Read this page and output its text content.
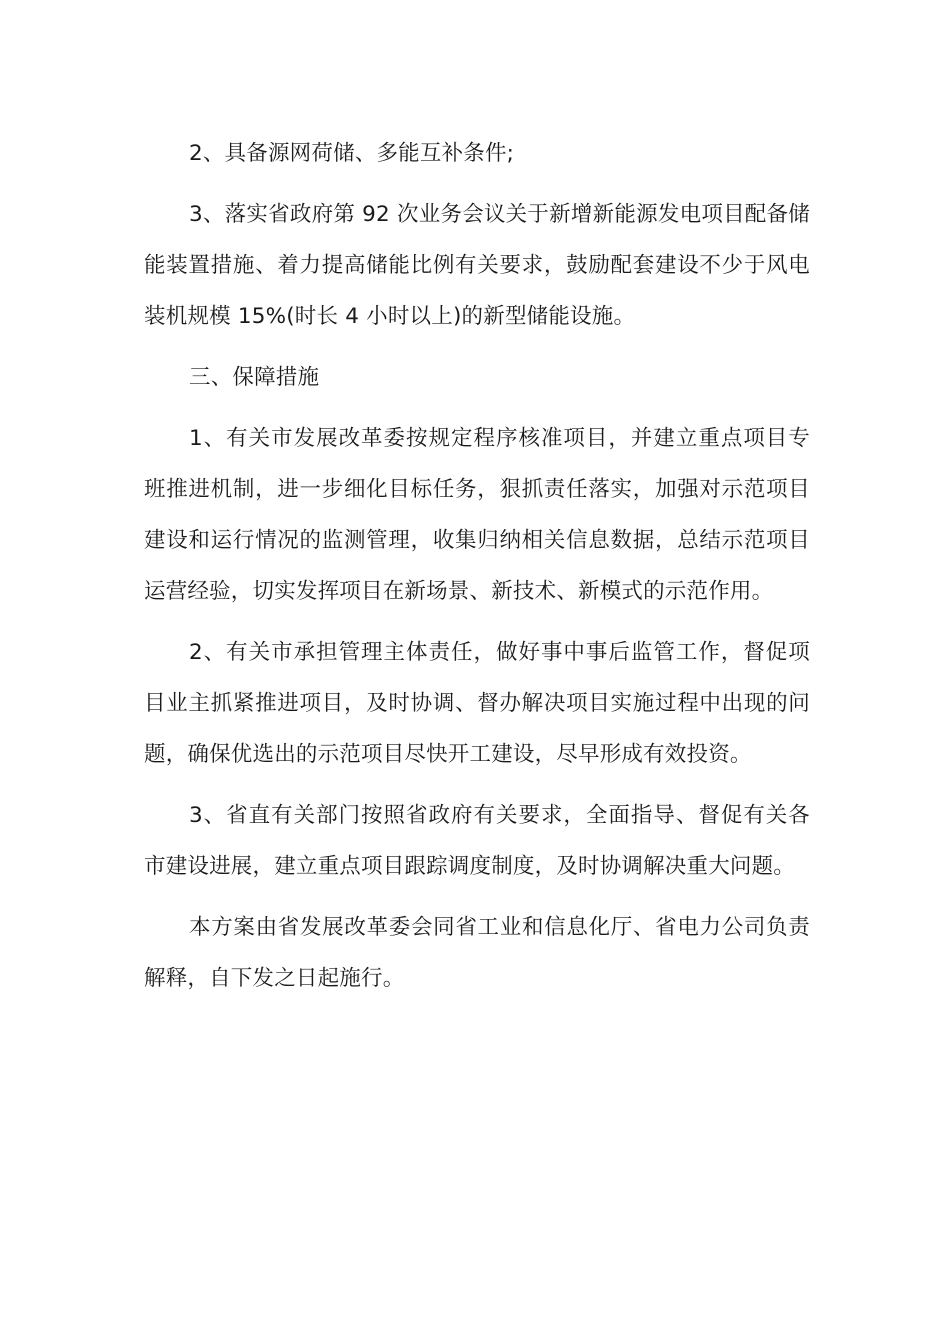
2、具备源网荷储、多能互补条件;

3、落实省政府第 92 次业务会议关于新增新能源发电项目配备储能装置措施、着力提高储能比例有关要求，鼓励配套建设不少于风电装机规模 15%(时长 4 小时以上)的新型储能设施。

三、保障措施

1、有关市发展改革委按规定程序核准项目，并建立重点项目专班推进机制，进一步细化目标任务，狠抓责任落实，加强对示范项目建设和运行情况的监测管理，收集归纳相关信息数据，总结示范项目运营经验，切实发挥项目在新场景、新技术、新模式的示范作用。

2、有关市承担管理主体责任，做好事中事后监管工作，督促项目业主抓紧推进项目，及时协调、督办解决项目实施过程中出现的问题，确保优选出的示范项目尽快开工建设，尽早形成有效投资。

3、省直有关部门按照省政府有关要求，全面指导、督促有关各市建设进展，建立重点项目跟踪调度制度，及时协调解决重大问题。

本方案由省发展改革委会同省工业和信息化厅、省电力公司负责解释，自下发之日起施行。
